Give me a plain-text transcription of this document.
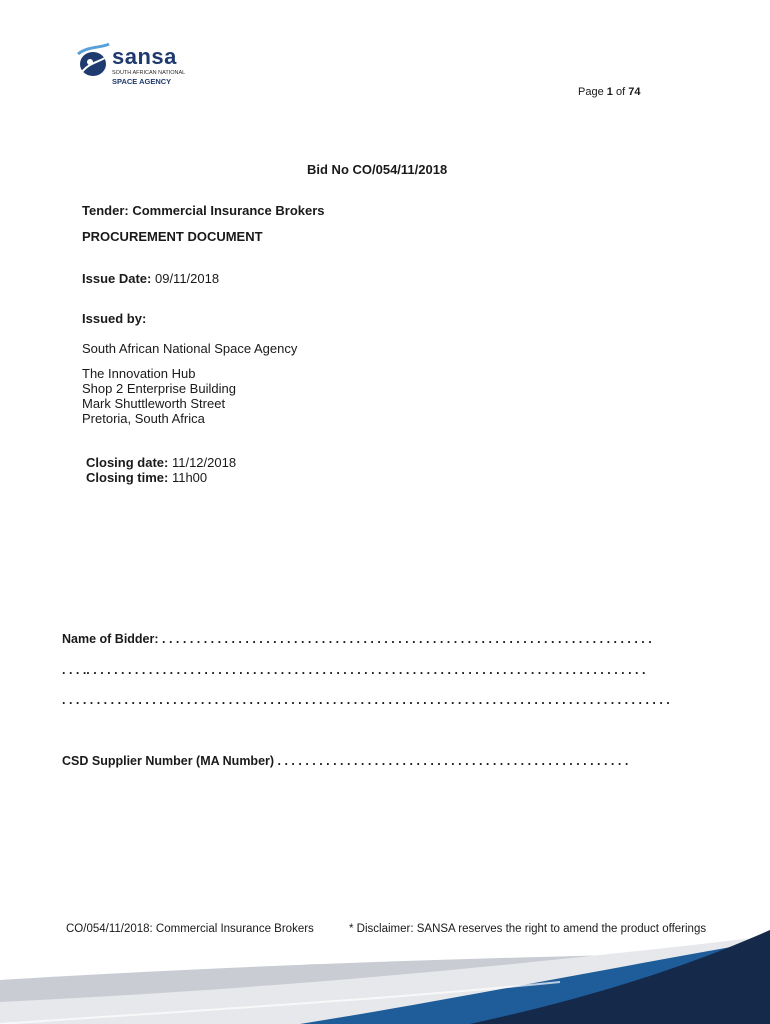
sansa
SOUTH AFRICAN NATIONAL
SPACE AGENCY
Page 1 of 74
Bid No CO/054/11/2018
Tender: Commercial Insurance Brokers
PROCUREMENT DOCUMENT
Issue Date: 09/11/2018
Issued by:
South African National Space Agency
The Innovation Hub
Shop 2 Enterprise Building
Mark Shuttleworth Street
Pretoria, South Africa
Closing date: 11/12/2018
Closing time: 11h00
Name of Bidder: . . . . . . . . . . . . . . . . . . . . . . . . . . . . . . . . . . . . . . . . . . . . . . . . . . . . . . . . . . . . . . . . . . . . . . .
. . . .. . . . . . . . . . . . . . . . . . . . . . . . . . . . . . . . . . . . . . . . . . . . . . . . . . . . . . . . . . . . . . . . . . . . . . . . . . . . . . . . .
. . . . . . . . . . . . . . . . . . . . . . . . . . . . . . . . . . . . . . . . . . . . . . . . . . . . . . . . . . . . . . . . . . . . . . . . . . . . . . . . . . . . . . . .
CSD Supplier Number (MA Number) . . . . . . . . . . . . . . . . . . . . . . . . . . . . . . . . . . . . . . . . . . . . . . . . . . .
CO/054/11/2018: Commercial Insurance Brokers	* Disclaimer: SANSA reserves the right to amend the product offerings
